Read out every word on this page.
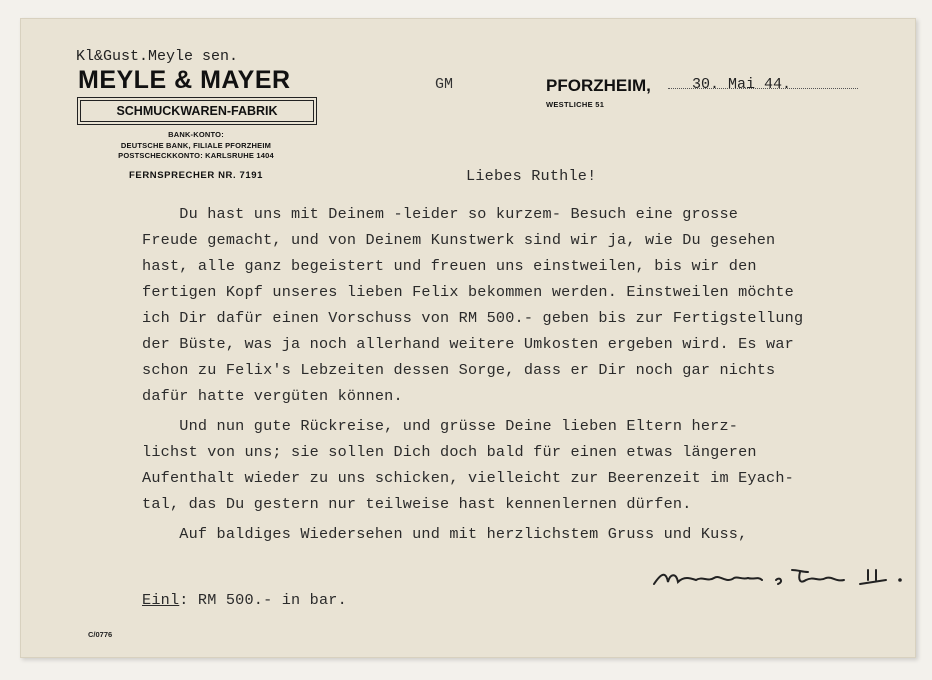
Kl&Gust.Meyle sen.
MEYLE & MAYER
SCHMUCKWAREN-FABRIK
BANK-KONTO:
DEUTSCHE BANK, FILIALE PFORZHEIM
POSTSCHECKKONTO: KARLSRUHE 1404
FERNSPRECHER NR. 7191
GM	PFORZHEIM,	30. Mai 44.
WESTLICHE 51
Liebes Ruthle!
Du hast uns mit Deinem -leider so kurzem- Besuch eine grosse
Freude gemacht, und von Deinem Kunstwerk sind wir ja, wie Du gesehen
hast, alle ganz begeistert und freuen uns einstweilen, bis wir den
fertigen Kopf unseres lieben Felix bekommen werden. Einstweilen möchte
ich Dir dafür einen Vorschuss von RM 500.- geben bis zur Fertigstellung
der Büste, was ja noch allerhand weitere Umkosten ergeben wird. Es war
schon zu Felix's Lebzeiten dessen Sorge, dass er Dir noch gar nichts
dafür hatte vergüten können.
Und nun gute Rückreise, und grüsse Deine lieben Eltern herz-
lichst von uns; sie sollen Dich doch bald für einen etwas längeren
Aufenthalt wieder zu uns schicken, vielleicht zur Beerenzeit im Eyach-
tal, das Du gestern nur teilweise hast kennenlernen dürfen.
Auf baldiges Wiedersehen und mit herzlichstem Gruss und Kuss,
Einl: RM 500.- in bar.
C/0776
